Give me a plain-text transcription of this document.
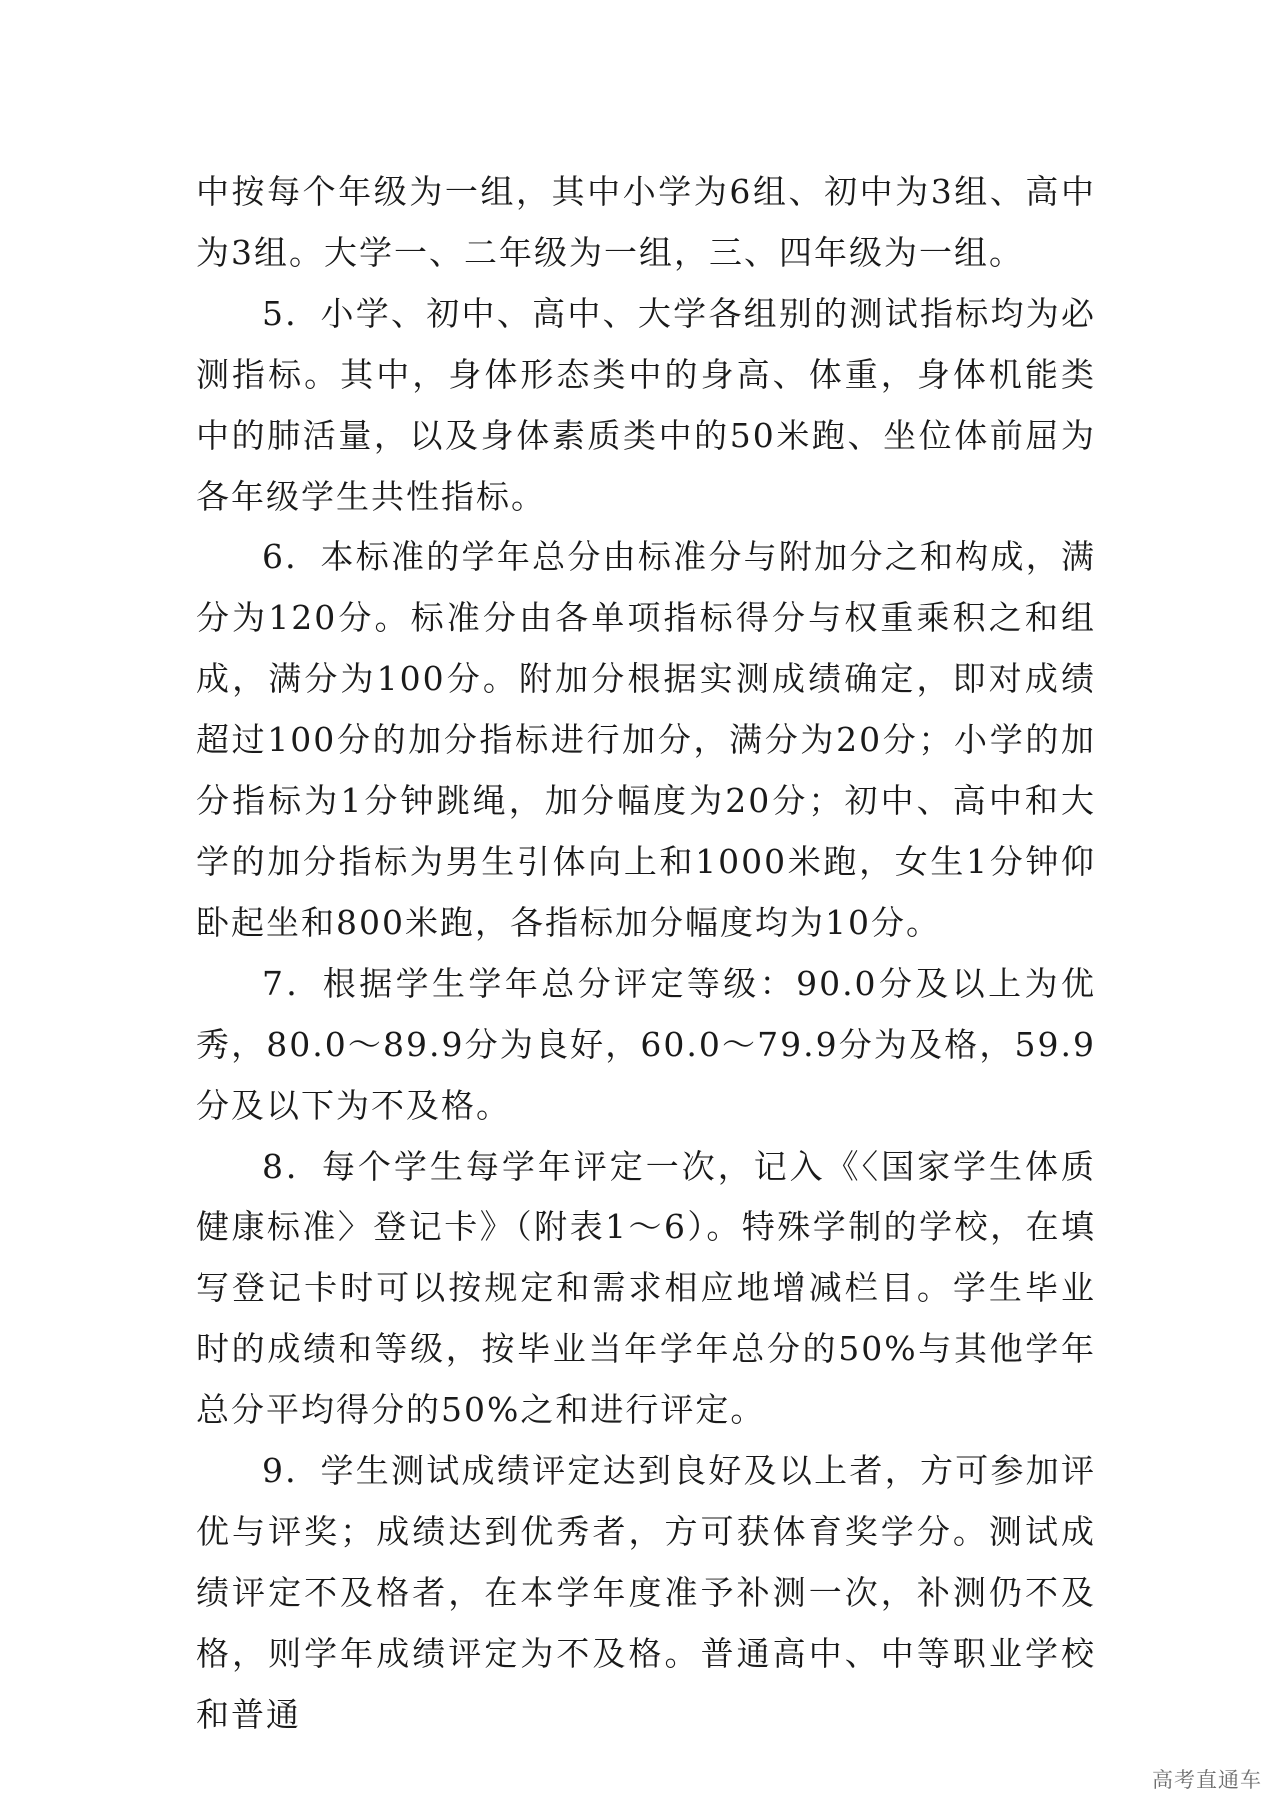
中按每个年级为一组，其中小学为6组、初中为3组、高中为3组。大学一、二年级为一组，三、四年级为一组。

5．小学、初中、高中、大学各组别的测试指标均为必测指标。其中，身体形态类中的身高、体重，身体机能类中的肺活量，以及身体素质类中的50米跑、坐位体前屈为各年级学生共性指标。

6．本标准的学年总分由标准分与附加分之和构成，满分为120分。标准分由各单项指标得分与权重乘积之和组成，满分为100分。附加分根据实测成绩确定，即对成绩超过100分的加分指标进行加分，满分为20分；小学的加分指标为1分钟跳绳，加分幅度为20分；初中、高中和大学的加分指标为男生引体向上和1000米跑，女生1分钟仰卧起坐和800米跑，各指标加分幅度均为10分。

7．根据学生学年总分评定等级：90.0分及以上为优秀，80.0～89.9分为良好，60.0～79.9分为及格，59.9分及以下为不及格。

8．每个学生每学年评定一次，记入《〈国家学生体质健康标准〉登记卡》（附表1～6）。特殊学制的学校，在填写登记卡时可以按规定和需求相应地增减栏目。学生毕业时的成绩和等级，按毕业当年学年总分的50%与其他学年总分平均得分的50%之和进行评定。

9．学生测试成绩评定达到良好及以上者，方可参加评优与评奖；成绩达到优秀者，方可获体育奖学分。测试成绩评定不及格者，在本学年度准予补测一次，补测仍不及格，则学年成绩评定为不及格。普通高中、中等职业学校和普通

高考直通车
